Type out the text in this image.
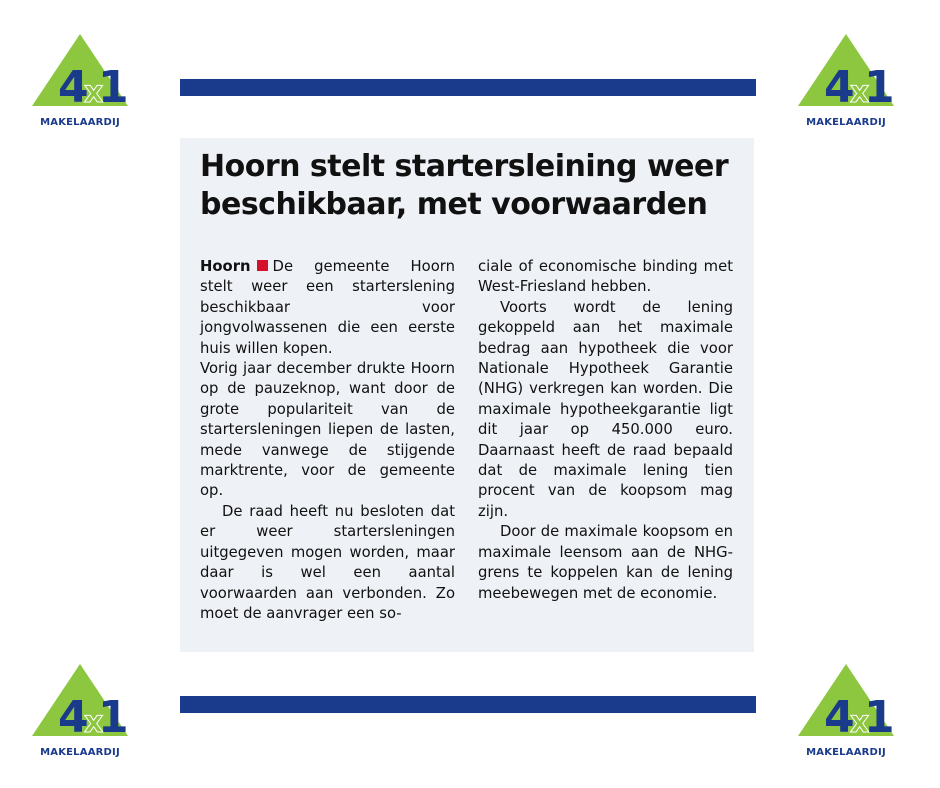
4
x
1
MAKELAARDIJ
4
x
1
MAKELAARDIJ
4
x
1
MAKELAARDIJ
4
x
1
MAKELAARDIJ
Hoorn stelt startersleining weer beschikbaar, met voorwaarden

Hoorn De gemeente Hoorn stelt weer een starterslening beschikbaar voor jongvolwassenen die een eerste huis willen kopen.

Vorig jaar december drukte Hoorn op de pauzeknop, want door de grote populariteit van de startersleningen liepen de lasten, mede vanwege de stijgende marktrente, voor de gemeente op.

De raad heeft nu besloten dat er weer startersleningen uitgegeven mogen worden, maar daar is wel een aantal voorwaarden aan verbonden. Zo moet de aanvrager een so-

ciale of economische binding met West-Friesland hebben.

Voorts wordt de lening gekoppeld aan het maximale bedrag aan hypotheek die voor Nationale Hypotheek Garantie (NHG) verkregen kan worden. Die maximale hypotheekgarantie ligt dit jaar op 450.000 euro. Daarnaast heeft de raad bepaald dat de maximale lening tien procent van de koopsom mag zijn.

Door de maximale koopsom en maximale leensom aan de NHG-grens te koppelen kan de lening meebewegen met de economie.
